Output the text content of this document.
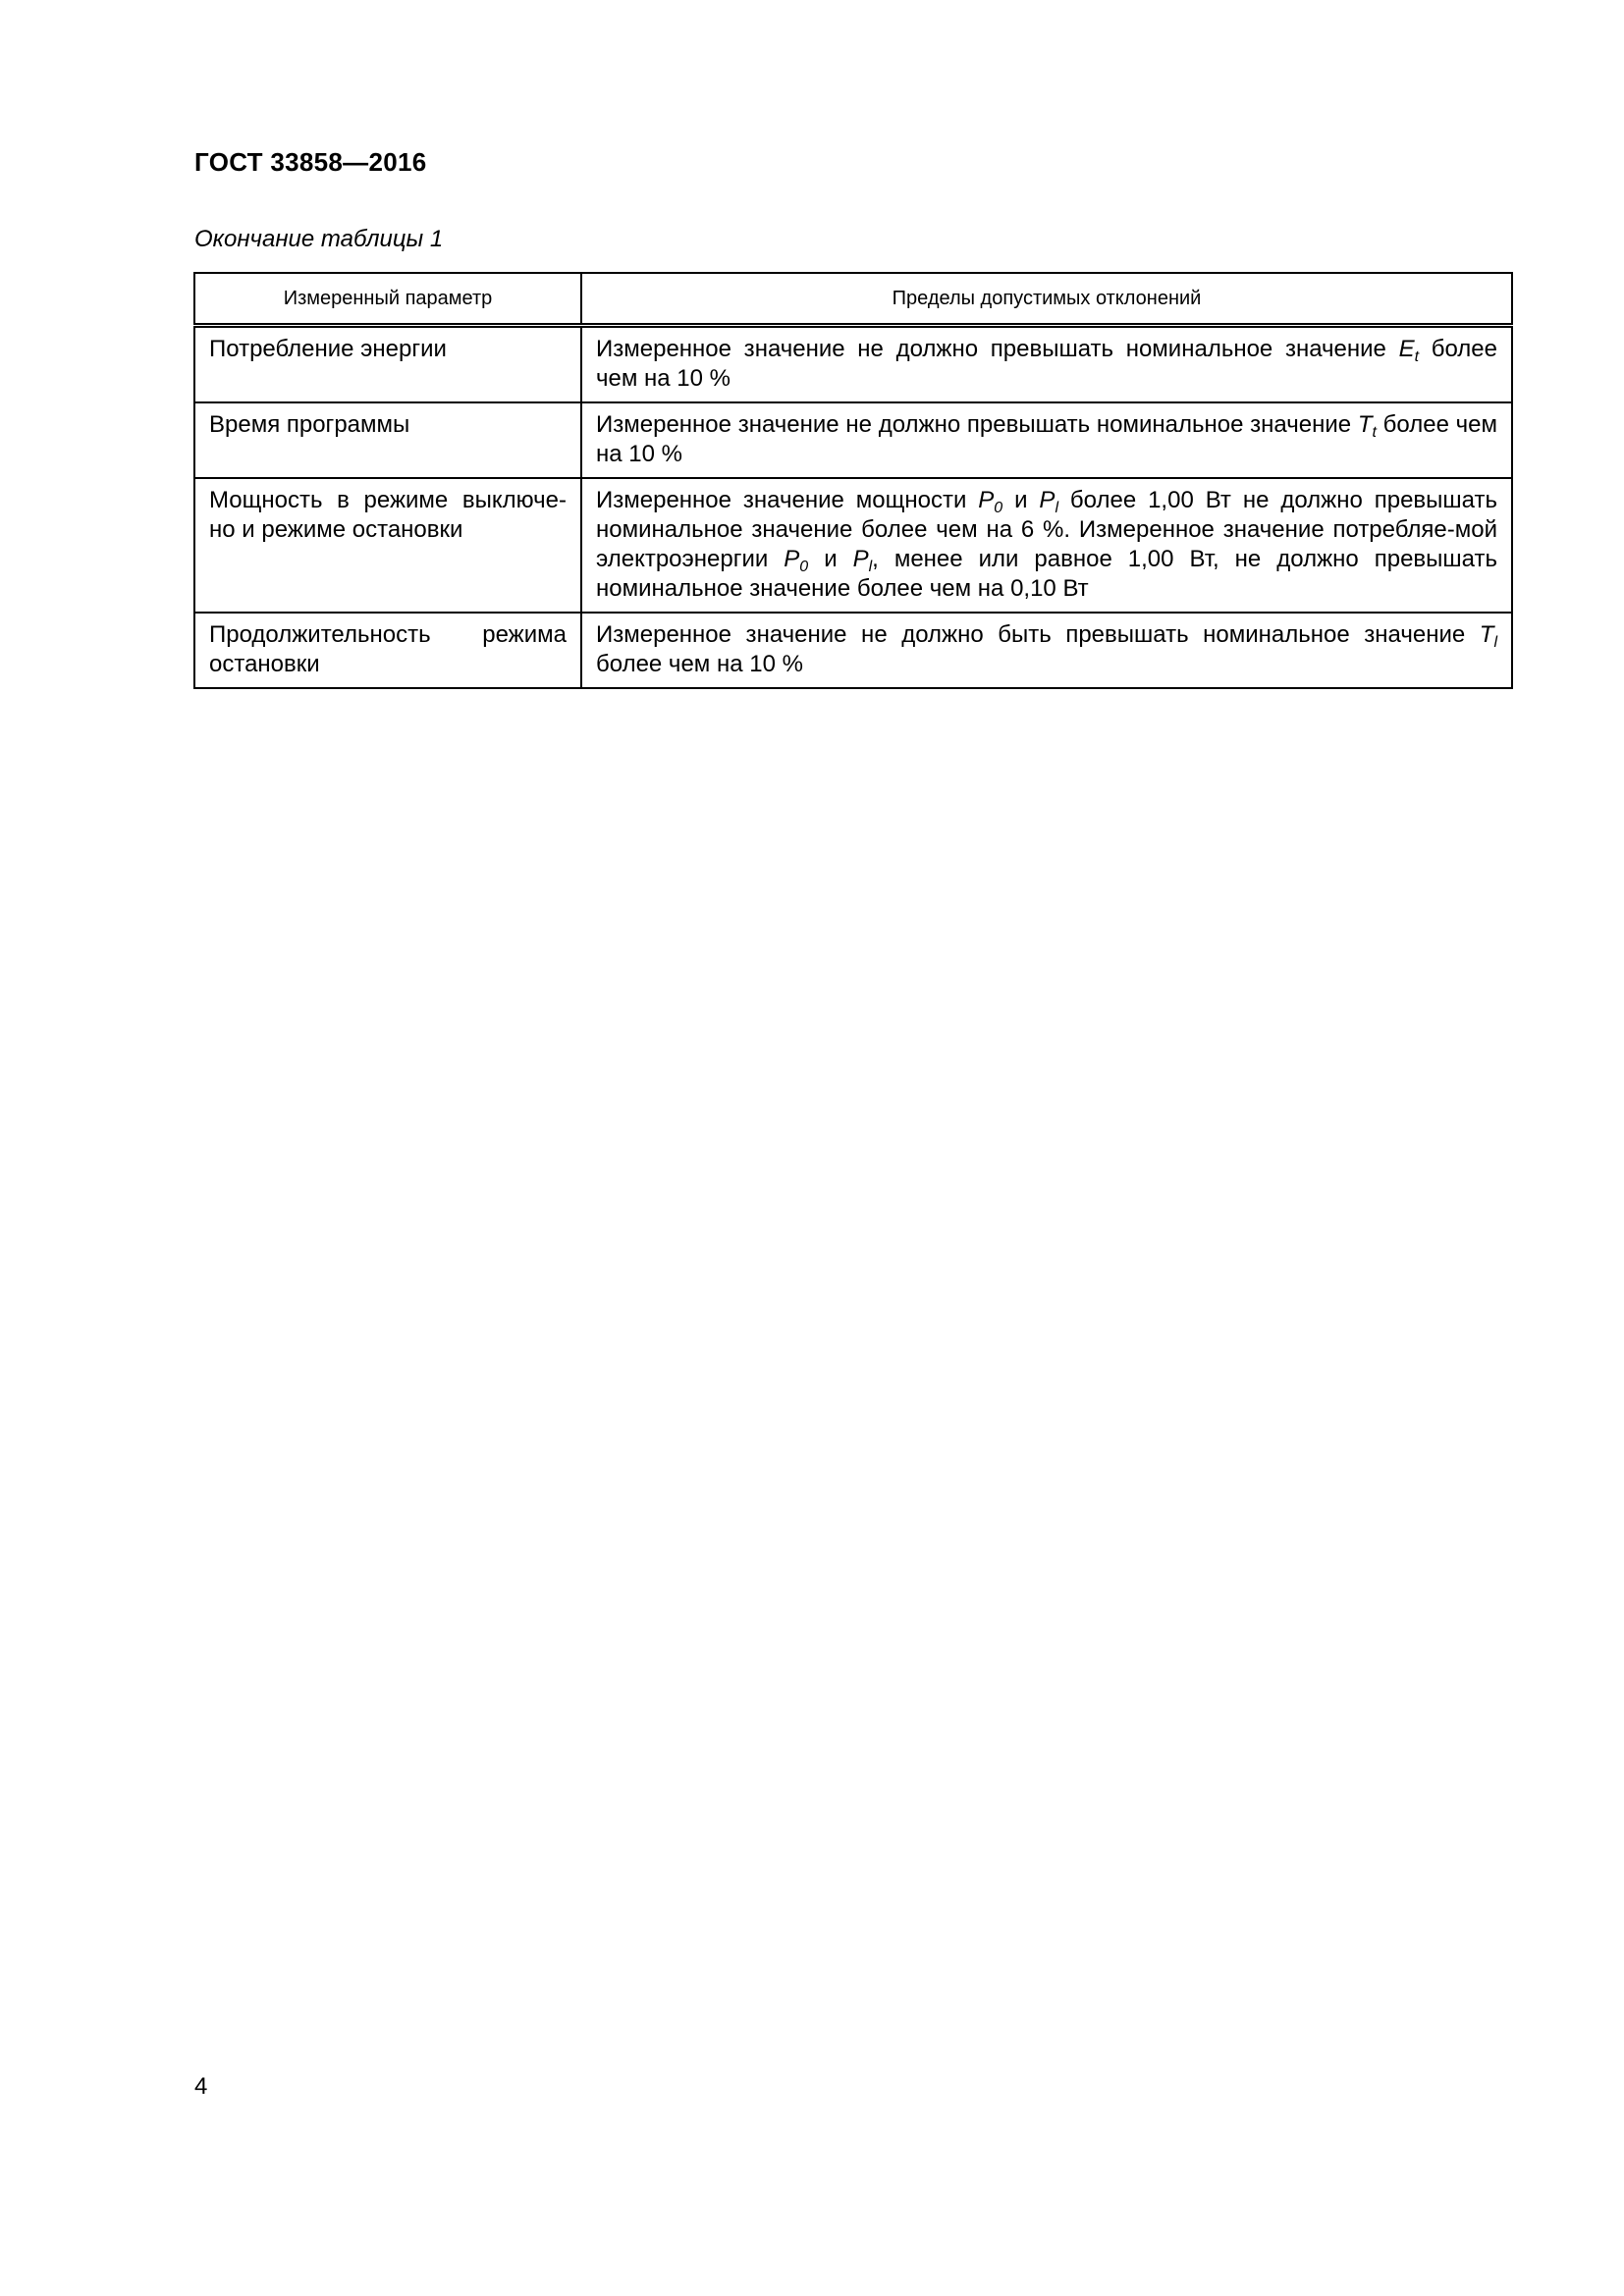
ГОСТ 33858—2016
Окончание таблицы 1
Измеренный параметр	Пределы допустимых отклонений
Потребление энергии	Измеренное значение не должно превышать номинальное значение $E_t$ более чем на 10 %
Время программы	Измеренное значение не должно превышать номинальное значение $T_t$ более чем на 10 %
Мощность в режиме выключе-но и режиме остановки	Измеренное значение мощности $P_0$ и $P_l$ более 1,00 Вт не должно превышать номинальное значение более чем на 6 %. Измеренное значение потребляе-мой электроэнергии $P_0$ и $P_l$, менее или равное 1,00 Вт, не должно превышать номинальное значение более чем на 0,10 Вт
Продолжительность режима остановки	Измеренное значение не должно быть превышать номинальное значение $T_l$ более чем на 10 %
4
